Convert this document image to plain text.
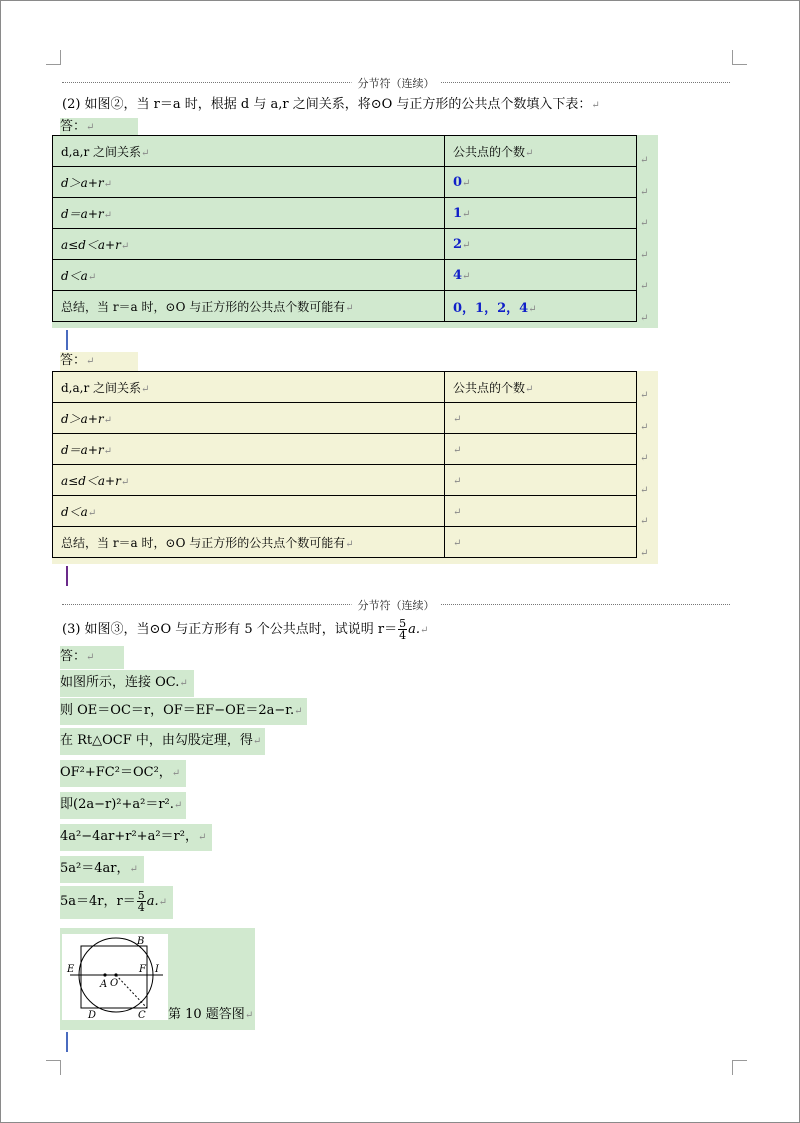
分节符（连续）
(2) 如图②，当 r＝a 时，根据 d 与 a,r 之间关系，将⊙O 与正方形的公共点个数填入下表：↵
答：↵
d,a,r 之间关系↵	公共点的个数↵
d＞a+r↵	0↵
d＝a+r↵	1↵
a≤d＜a+r↵	2↵
d＜a↵	4↵
总结，当 r＝a 时，⊙O 与正方形的公共点个数可能有↵	0，1，2，4↵
↵
↵
↵
↵
↵
↵
答：↵
d,a,r 之间关系↵	公共点的个数↵
d＞a+r↵	↵
d＝a+r↵	↵
a≤d＜a+r↵	↵
d＜a↵	↵
总结，当 r＝a 时，⊙O 与正方形的公共点个数可能有↵	↵
↵
↵
↵
↵
↵
↵
分节符（连续）
(3) 如图③，当⊙O 与正方形有 5 个公共点时，试说明 $r= \frac{5}{4}$ a.↵
答：↵
如图所示，连接 OC.↵
则 OE＝OC＝r，OF＝EF−OE＝2a−r.↵
在 Rt△OCF 中，由勾股定理，得↵
OF²+FC²＝OC²，↵
即(2a−r)²+a²＝r².↵
4a²−4ar+r²+a²＝r²，↵
5a²＝4ar，↵
5a＝4r，$r= \frac{5}{4}$ a.↵
B
E	F I
A O
D	C 第 10 题答图↵
